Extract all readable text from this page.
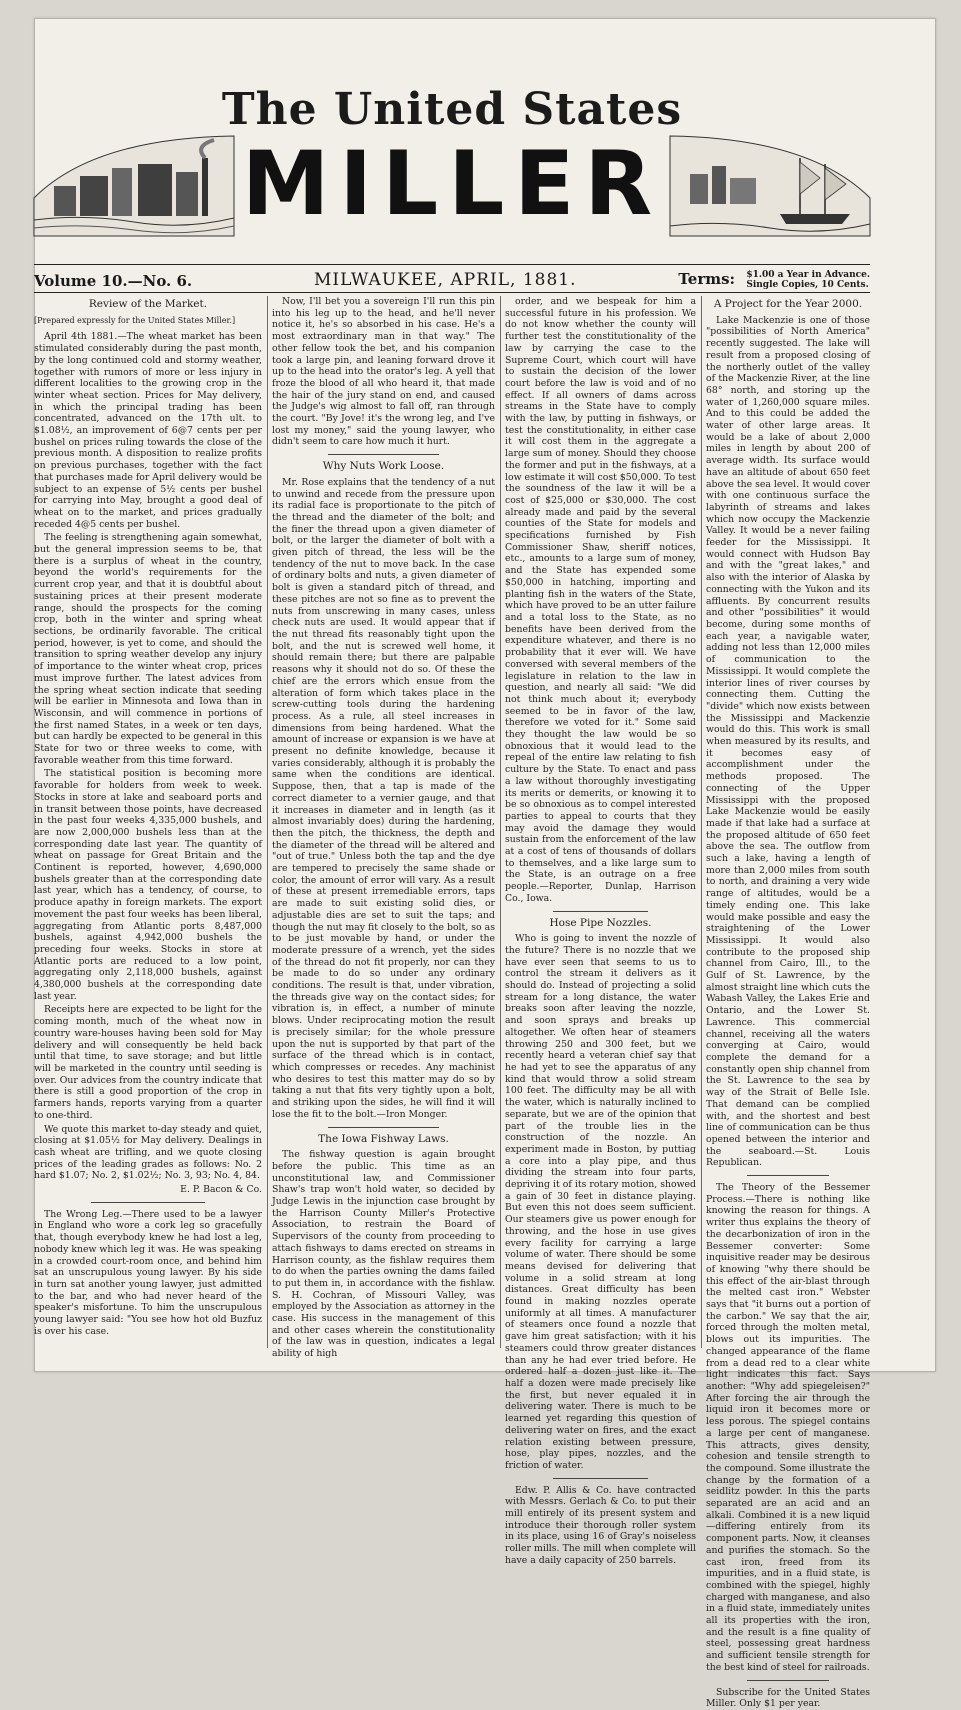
The United States
MILLER
Volume 10.—No. 6.	MILWAUKEE, APRIL, 1881.	Terms: $1.00 a Year in Advance.
Single Copies, 10 Cents.
Review of the Market.
[Prepared expressly for the United States Miller.]

April 4th 1881.—The wheat market has been stimulated considerably during the past month, by the long continued cold and stormy weather, together with rumors of more or less injury in different localities to the growing crop in the winter wheat section. Prices for May delivery, in which the principal trading has been concentrated, advanced on the 17th ult. to $1.08½, an improvement of 6@7 cents per per bushel on prices ruling towards the close of the previous month. A disposition to realize profits on previous purchases, together with the fact that purchases made for April delivery would be subject to an expense of 5½ cents per bushel for carrying into May, brought a good deal of wheat on to the market, and prices gradually receded 4@5 cents per bushel.

The feeling is strengthening again somewhat, but the general impression seems to be, that there is a surplus of wheat in the country, beyond the world's requirements for the current crop year, and that it is doubtful about sustaining prices at their present moderate range, should the prospects for the coming crop, both in the winter and spring wheat sections, be ordinarily favorable. The critical period, however, is yet to come, and should the transition to spring weather develop any injury of importance to the winter wheat crop, prices must improve further. The latest advices from the spring wheat section indicate that seeding will be earlier in Minnesota and Iowa than in Wisconsin, and will commence in portions of the first named States, in a week or ten days, but can hardly be expected to be general in this State for two or three weeks to come, with favorable weather from this time forward.

The statistical position is becoming more favorable for holders from week to week. Stocks in store at lake and seaboard ports and in transit between those points, have decreased in the past four weeks 4,335,000 bushels, and are now 2,000,000 bushels less than at the corresponding date last year. The quantity of wheat on passage for Great Britain and the Continent is reported, however, 4,690,000 bushels greater than at the corresponding date last year, which has a tendency, of course, to produce apathy in foreign markets. The export movement the past four weeks has been liberal, aggregating from Atlantic ports 8,487,000 bushels, against 4,942,000 bushels the preceding four weeks. Stocks in store at Atlantic ports are reduced to a low point, aggregating only 2,118,000 bushels, against 4,380,000 bushels at the corresponding date last year.

Receipts here are expected to be light for the coming month, much of the wheat now in country ware-houses having been sold for May delivery and will consequently be held back until that time, to save storage; and but little will be marketed in the country until seeding is over. Our advices from the country indicate that there is still a good proportion of the crop in farmers hands, reports varying from a quarter to one-third.

We quote this market to-day steady and quiet, closing at $1.05½ for May delivery. Dealings in cash wheat are trifling, and we quote closing prices of the leading grades as follows: No. 2 hard $1.07; No. 2, $1.02½; No. 3, 93; No. 4, 84.

E. P. Bacon & Co.

The Wrong Leg.—There used to be a lawyer in England who wore a cork leg so gracefully that, though everybody knew he had lost a leg, nobody knew which leg it was. He was speaking in a crowded court-room once, and behind him sat an unscrupulous young lawyer. By his side in turn sat another young lawyer, just admitted to the bar, and who had never heard of the speaker's misfortune. To him the unscrupulous young lawyer said: "You see how hot old Buzfuz is over his case.

Now, I'll bet you a sovereign I'll run this pin into his leg up to the head, and he'll never notice it, he's so absorbed in his case. He's a most extraordinary man in that way." The other fellow took the bet, and his companion took a large pin, and leaning forward drove it up to the head into the orator's leg. A yell that froze the blood of all who heard it, that made the hair of the jury stand on end, and caused the Judge's wig almost to fall off, ran through the court. "By Jove! it's the wrong leg, and I've lost my money," said the young lawyer, who didn't seem to care how much it hurt.

Why Nuts Work Loose.

Mr. Rose explains that the tendency of a nut to unwind and recede from the pressure upon its radial face is proportionate to the pitch of the thread and the diameter of the bolt; and the finer the thread upon a given diameter of bolt, or the larger the diameter of bolt with a given pitch of thread, the less will be the tendency of the nut to move back. In the case of ordinary bolts and nuts, a given diameter of bolt is given a standard pitch of thread, and these pitches are not so fine as to prevent the nuts from unscrewing in many cases, unless check nuts are used. It would appear that if the nut thread fits reasonably tight upon the bolt, and the nut is screwed well home, it should remain there; but there are palpable reasons why it should not do so. Of these the chief are the errors which ensue from the alteration of form which takes place in the screw-cutting tools during the hardening process. As a rule, all steel increases in dimensions from being hardened. What the amount of increase or expansion is we have at present no definite knowledge, because it varies considerably, although it is probably the same when the conditions are identical. Suppose, then, that a tap is made of the correct diameter to a vernier gauge, and that it increases in diameter and in length (as it almost invariably does) during the hardening, then the pitch, the thickness, the depth and the diameter of the thread will be altered and "out of true." Unless both the tap and the dye are tempered to precisely the same shade or color, the amount of error will vary. As a result of these at present irremediable errors, taps are made to suit existing solid dies, or adjustable dies are set to suit the taps; and though the nut may fit closely to the bolt, so as to be just movable by hand, or under the moderate pressure of a wrench, yet the sides of the thread do not fit properly, nor can they be made to do so under any ordinary conditions. The result is that, under vibration, the threads give way on the contact sides; for vibration is, in effect, a number of minute blows. Under reciprocating motion the result is precisely similar; for the whole pressure upon the nut is supported by that part of the surface of the thread which is in contact, which compresses or recedes. Any machinist who desires to test this matter may do so by taking a nut that fits very tightly upon a bolt, and striking upon the sides, he will find it will lose the fit to the bolt.—Iron Monger.

The Iowa Fishway Laws.

The fishway question is again brought before the public. This time as an unconstitutional law, and Commissioner Shaw's trap won't hold water, so decided by Judge Lewis in the injunction case brought by the Harrison County Miller's Protective Association, to restrain the Board of Supervisors of the county from proceeding to attach fishways to dams erected on streams in Harrison county, as the fishlaw requires them to do when the parties owning the dams failed to put them in, in accordance with the fishlaw. S. H. Cochran, of Missouri Valley, was employed by the Association as attorney in the case. His success in the management of this and other cases wherein the constitutionality of the law was in question, indicates a legal ability of high

order, and we bespeak for him a successful future in his profession. We do not know whether the county will further test the constitutionality of the law by carrying the case to the Supreme Court, which court will have to sustain the decision of the lower court before the law is void and of no effect. If all owners of dams across streams in the State have to comply with the law, by putting in fishways, or test the constitutionality, in either case it will cost them in the aggregate a large sum of money. Should they choose the former and put in the fishways, at a low estimate it will cost $50,000. To test the soundness of the law it will be a cost of $25,000 or $30,000. The cost already made and paid by the several counties of the State for models and specifications furnished by Fish Commissioner Shaw, sheriff notices, etc., amounts to a large sum of money, and the State has expended some $50,000 in hatching, importing and planting fish in the waters of the State, which have proved to be an utter failure and a total loss to the State, as no benefits have been derived from the expenditure whatever, and there is no probability that it ever will. We have conversed with several members of the legislature in relation to the law in question, and nearly all said: "We did not think much about it; everybody seemed to be in favor of the law, therefore we voted for it." Some said they thought the law would be so obnoxious that it would lead to the repeal of the entire law relating to fish culture by the State. To enact and pass a law without thoroughly investigating its merits or demerits, or knowing it to be so obnoxious as to compel interested parties to appeal to courts that they may avoid the damage they would sustain from the enforcement of the law at a cost of tens of thousands of dollars to themselves, and a like large sum to the State, is an outrage on a free people.—Reporter, Dunlap, Harrison Co., Iowa.

Hose Pipe Nozzles.

Who is going to invent the nozzle of the future? There is no nozzle that we have ever seen that seems to us to control the stream it delivers as it should do. Instead of projecting a solid stream for a long distance, the water breaks soon after leaving the nozzle, and soon sprays and breaks up altogether. We often hear of steamers throwing 250 and 300 feet, but we recently heard a veteran chief say that he had yet to see the apparatus of any kind that would throw a solid stream 100 feet. The difficulty may be all with the water, which is naturally inclined to separate, but we are of the opinion that part of the trouble lies in the construction of the nozzle. An experiment made in Boston, by puttiag a core into a play pipe, and thus dividing the stream into four parts, depriving it of its rotary motion, showed a gain of 30 feet in distance playing. But even this not does seem sufficient. Our steamers give us power enough for throwing, and the hose in use gives every facility for carrying a large volume of water. There should be some means devised for delivering that volume in a solid stream at long distances. Great difficulty has been found in making nozzles operate uniformly at all times. A manufacturer of steamers once found a nozzle that gave him great satisfaction; with it his steamers could throw greater distances than any he had ever tried before. He ordered half a dozen just like it. The half a dozen were made precisely like the first, but never equaled it in delivering water. There is much to be learned yet regarding this question of delivering water on fires, and the exact relation existing between pressure, hose, play pipes, nozzles, and the friction of water.

Edw. P. Allis & Co. have contracted with Messrs. Gerlach & Co. to put their mill entirely of its present system and introduce their thorough roller system in its place, using 16 of Gray's noiseless roller mills. The mill when complete will have a daily capacity of 250 barrels.

A Project for the Year 2000.

Lake Mackenzie is one of those "possibilities of North America" recently suggested. The lake will result from a proposed closing of the northerly outlet of the valley of the Mackenzie River, at the line 68° north, and storing up the water of 1,260,000 square miles. And to this could be added the water of other large areas. It would be a lake of about 2,000 miles in length by about 200 of average width. Its surface would have an altitude of about 650 feet above the sea level. It would cover with one continuous surface the labyrinth of streams and lakes which now occupy the Mackenzie Valley. It would be a never failing feeder for the Mississippi. It would connect with Hudson Bay and with the "great lakes," and also with the interior of Alaska by connecting with the Yukon and its affluents. By concurrent results and other "possibilities" it would become, during some months of each year, a navigable water, adding not less than 12,000 miles of communication to the Mississippi. It would complete the interior lines of river courses by connecting them. Cutting the "divide" which now exists between the Mississippi and Mackenzie would do this. This work is small when measured by its results, and it becomes easy of accomplishment under the methods proposed. The connecting of the Upper Mississippi with the proposed Lake Mackenzie would be easily made if that lake had a surface at the proposed altitude of 650 feet above the sea. The outflow from such a lake, having a length of more than 2,000 miles from south to north, and draining a very wide range of altitudes, would be a timely ending one. This lake would make possible and easy the straightening of the Lower Mississippi. It would also contribute to the proposed ship channel from Cairo, Ill., to the Gulf of St. Lawrence, by the almost straight line which cuts the Wabash Valley, the Lakes Erie and Ontario, and the Lower St. Lawrence. This commercial channel, receiving all the waters converging at Cairo, would complete the demand for a constantly open ship channel from the St. Lawrence to the sea by way of the Strait of Belle Isle. That demand can be complied with, and the shortest and best line of communication can be thus opened between the interior and the seaboard.—St. Louis Republican.

The Theory of the Bessemer Process.—There is nothing like knowing the reason for things. A writer thus explains the theory of the decarbonization of iron in the Bessemer converter: Some inquisitive reader may be desirous of knowing "why there should be this effect of the air-blast through the melted cast iron." Webster says that "it burns out a portion of the carbon." We say that the air, forced through the molten metal, blows out its impurities. The changed appearance of the flame from a dead red to a clear white light indicates this fact. Says another: "Why add spiegeleisen?" After forcing the air through the liquid iron it becomes more or less porous. The spiegel contains a large per cent of manganese. This attracts, gives density, cohesion and tensile strength to the compound. Some illustrate the change by the formation of a seidlitz powder. In this the parts separated are an acid and an alkali. Combined it is a new liquid—differing entirely from its component parts. Now, it cleanses and purifies the stomach. So the cast iron, freed from its impurities, and in a fluid state, is combined with the spiegel, highly charged with manganese, and also in a fluid state, immediately unites all its properties with the iron, and the result is a fine quality of steel, possessing great hardness and sufficient tensile strength for the best kind of steel for railroads.

Subscribe for the United States Miller. Only $1 per year.
